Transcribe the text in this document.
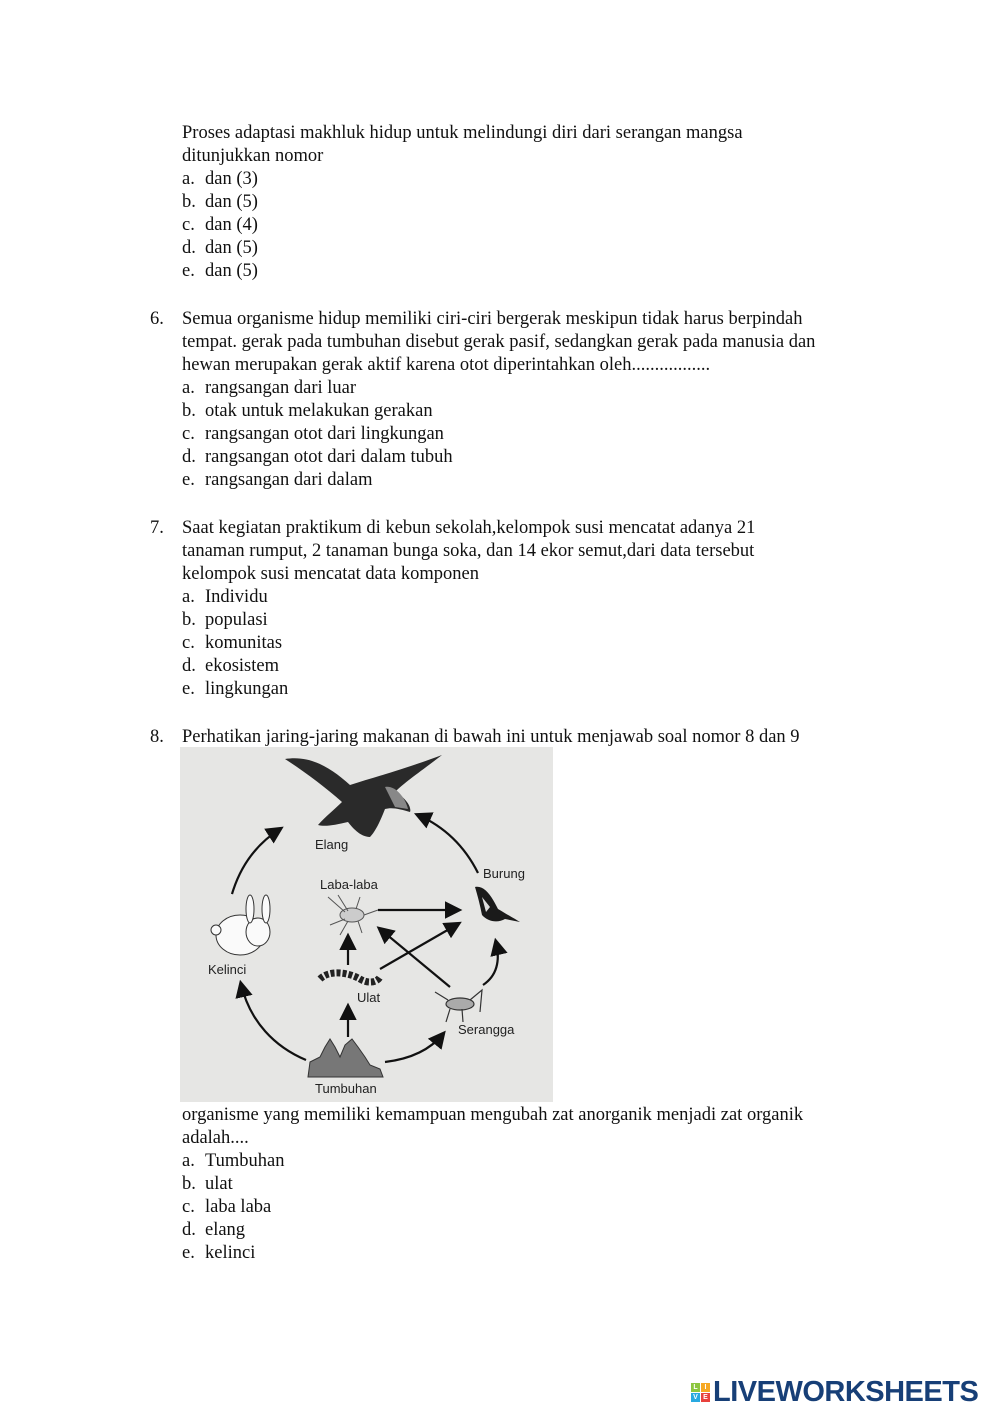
Proses adaptasi makhluk hidup untuk melindungi diri dari serangan mangsa
ditunjukkan nomor
a. dan (3)
b. dan (5)
c. dan (4)
d. dan (5)
e. dan (5)
6. Semua organisme hidup memiliki ciri-ciri bergerak meskipun tidak harus berpindah
tempat. gerak pada tumbuhan disebut gerak pasif, sedangkan gerak pada manusia dan
hewan merupakan gerak aktif karena otot diperintahkan oleh.................
a. rangsangan dari luar
b. otak untuk melakukan gerakan
c. rangsangan otot dari lingkungan
d. rangsangan otot dari dalam tubuh
e. rangsangan dari dalam
7. Saat kegiatan praktikum di kebun sekolah,kelompok susi mencatat adanya 21
tanaman rumput, 2 tanaman bunga soka, dan 14 ekor semut,dari data tersebut
kelompok susi mencatat data komponen
a. Individu
b. populasi
c. komunitas
d. ekosistem
e. lingkungan
8. Perhatikan jaring-jaring makanan di bawah ini untuk menjawab soal nomor 8 dan 9
Elang
Burung
Laba-laba
Kelinci
Ulat
Serangga
Tumbuhan
organisme yang memiliki kemampuan mengubah zat anorganik menjadi zat organik
adalah....
a. Tumbuhan
b. ulat
c. laba laba
d. elang
e. kelinci
L I
V E LIVEWORKSHEETS
